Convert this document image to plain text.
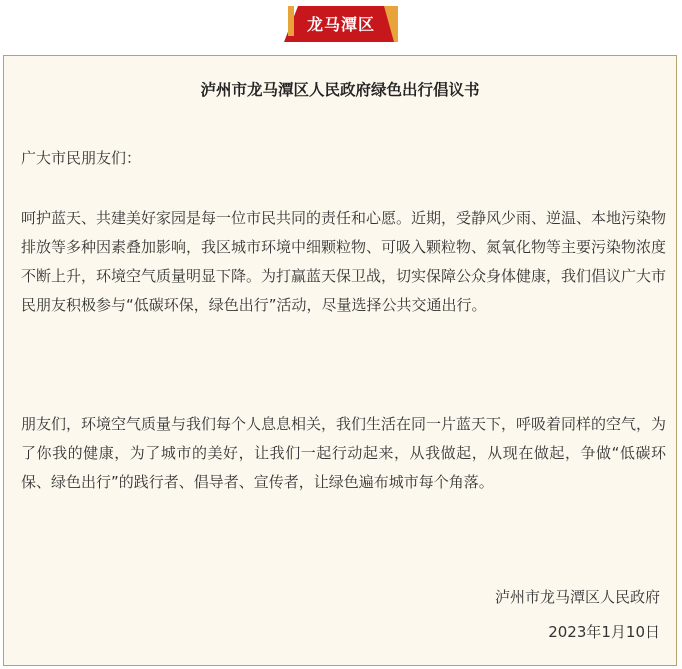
龙马潭区
泸州市龙马潭区人民政府绿色出行倡议书

广大市民朋友们：

呵护蓝天、共建美好家园是每一位市民共同的责任和心愿。近期，受静风少雨、逆温、本地污染物排放等多种因素叠加影响，我区城市环境中细颗粒物、可吸入颗粒物、氮氧化物等主要污染物浓度不断上升，环境空气质量明显下降。为打赢蓝天保卫战，切实保障公众身体健康，我们倡议广大市民朋友积极参与“低碳环保，绿色出行”活动，尽量选择公共交通出行。

朋友们，环境空气质量与我们每个人息息相关，我们生活在同一片蓝天下，呼吸着同样的空气，为了你我的健康，为了城市的美好，让我们一起行动起来，从我做起，从现在做起，争做“低碳环保、绿色出行”的践行者、倡导者、宣传者，让绿色遍布城市每个角落。

泸州市龙马潭区人民政府
2023年1月10日
